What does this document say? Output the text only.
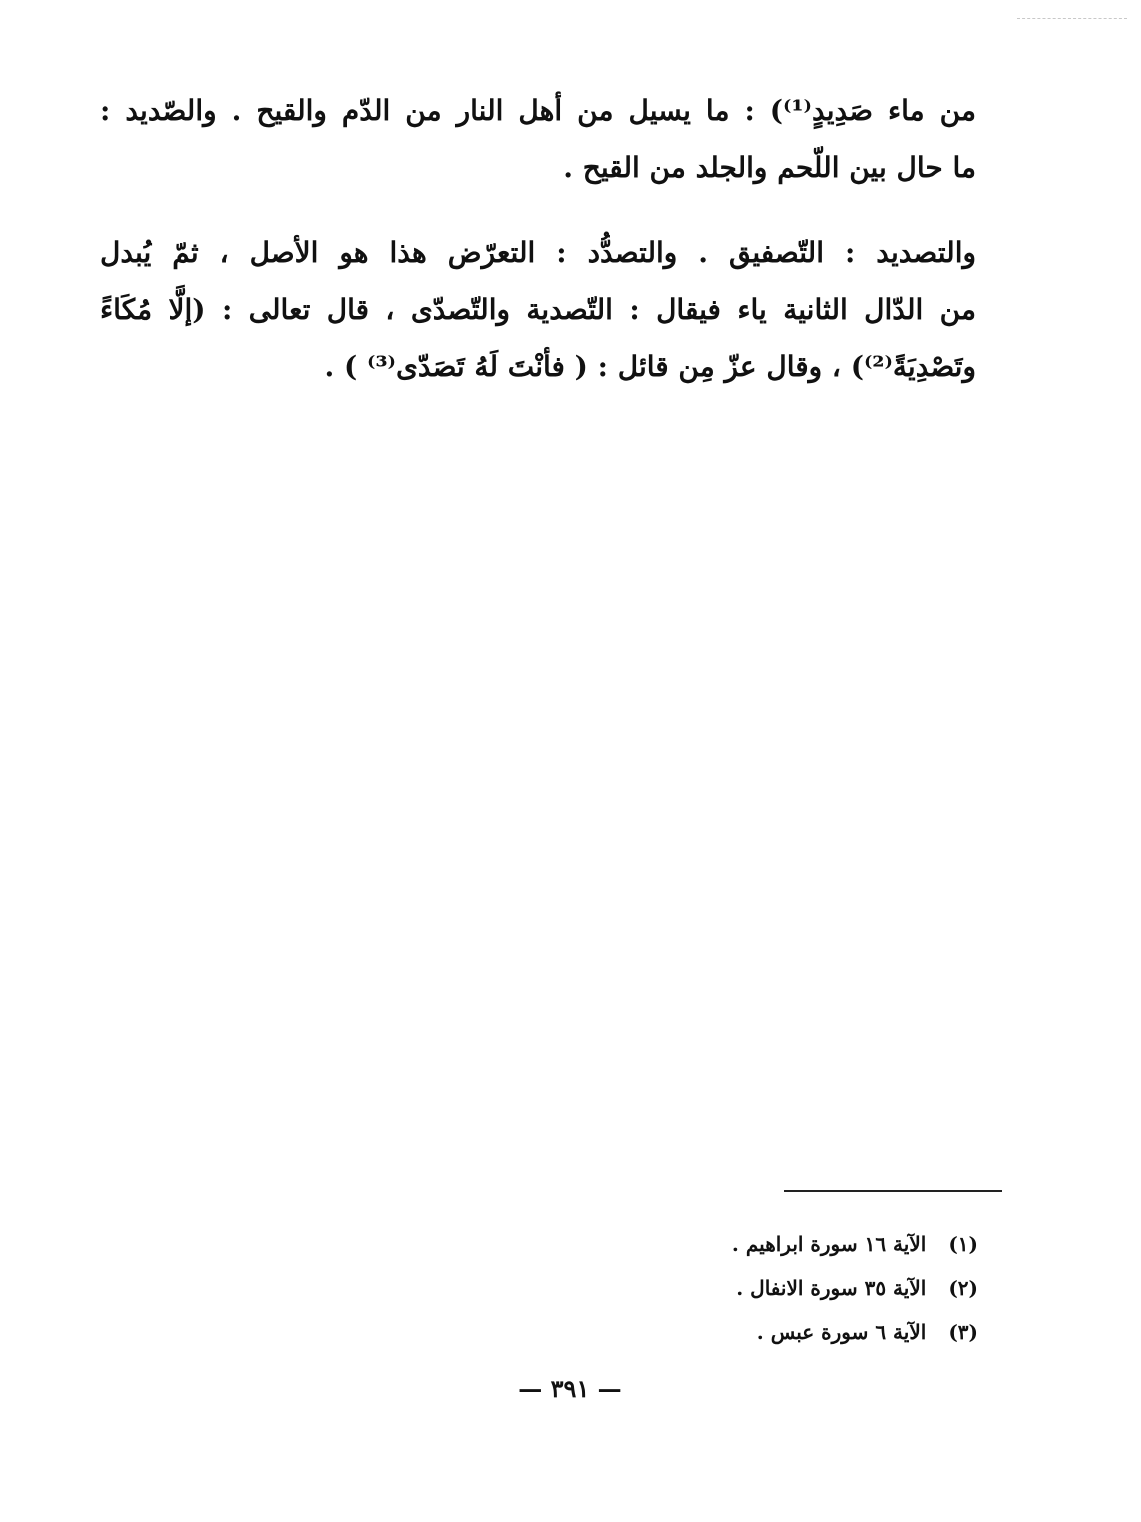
من ماء صَدِيدٍ⁽¹⁾) : ما يسيل من أهل النار من الدّم والقيح . والصّديد :
ما حال بين اللّحم والجلد من القيح .
والتصديد : التّصفيق . والتصدُّد : التعرّض هذا هو الأصل ، ثمّ يُبدل
من الدّال الثانية ياء فيقال : التّصدية والتّصدّى ، قال تعالى : (إلَّا مُكَاءً
وتَصْدِيَةً⁽²⁾) ، وقال عزّ مِن قائل : ( فأنْتَ لَهُ تَصَدّى⁽³⁾ ) .
(١)الآية ١٦ سورة ابراهيم .
(٢)الآية ٣٥ سورة الانفال .
(٣)الآية ٦ سورة عبس .
— ٣٩١ —
